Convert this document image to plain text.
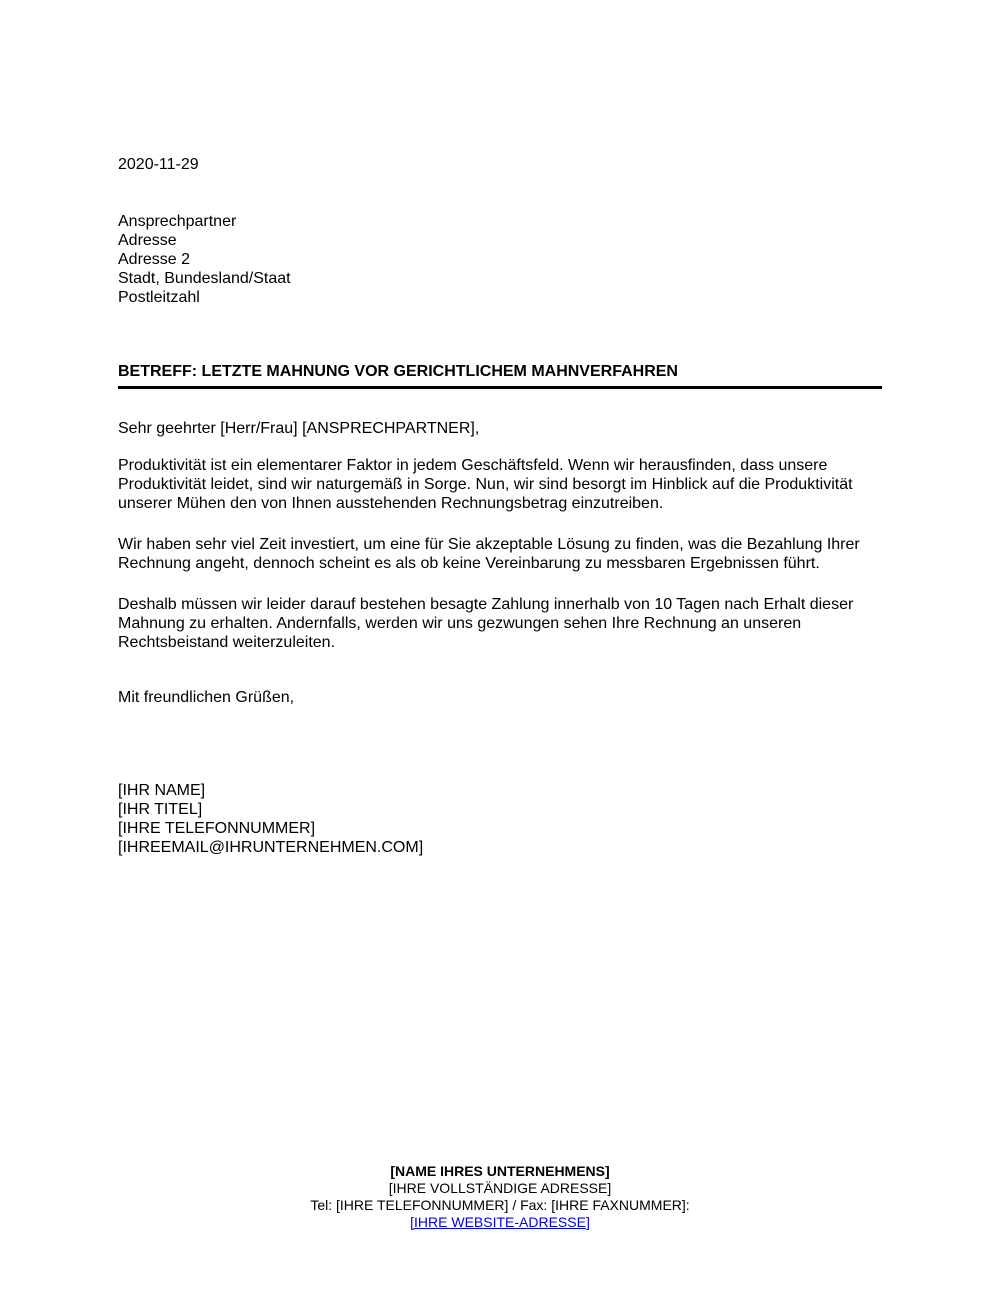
2020-11-29
Ansprechpartner
Adresse
Adresse 2
Stadt, Bundesland/Staat
Postleitzahl
BETREFF: LETZTE MAHNUNG VOR GERICHTLICHEM MAHNVERFAHREN
Sehr geehrter [Herr/Frau] [ANSPRECHPARTNER],
Produktivität ist ein elementarer Faktor in jedem Geschäftsfeld. Wenn wir herausfinden, dass unsere
Produktivität leidet, sind wir naturgemäß in Sorge. Nun, wir sind besorgt im Hinblick auf die Produktivität
unserer Mühen den von Ihnen ausstehenden Rechnungsbetrag einzutreiben.
Wir haben sehr viel Zeit investiert, um eine für Sie akzeptable Lösung zu finden, was die Bezahlung Ihrer
Rechnung angeht, dennoch scheint es als ob keine Vereinbarung zu messbaren Ergebnissen führt.
Deshalb müssen wir leider darauf bestehen besagte Zahlung innerhalb von 10 Tagen nach Erhalt dieser
Mahnung zu erhalten. Andernfalls, werden wir uns gezwungen sehen Ihre Rechnung an unseren
Rechtsbeistand weiterzuleiten.
Mit freundlichen Grüßen,
[IHR NAME]
[IHR TITEL]
[IHRE TELEFONNUMMER]
[IHREEMAIL@IHRUNTERNEHMEN.COM]
[NAME IHRES UNTERNEHMENS]
[IHRE VOLLSTÄNDIGE ADRESSE]
Tel: [IHRE TELEFONNUMMER] / Fax: [IHRE FAXNUMMER]:
[IHRE WEBSITE-ADRESSE]
